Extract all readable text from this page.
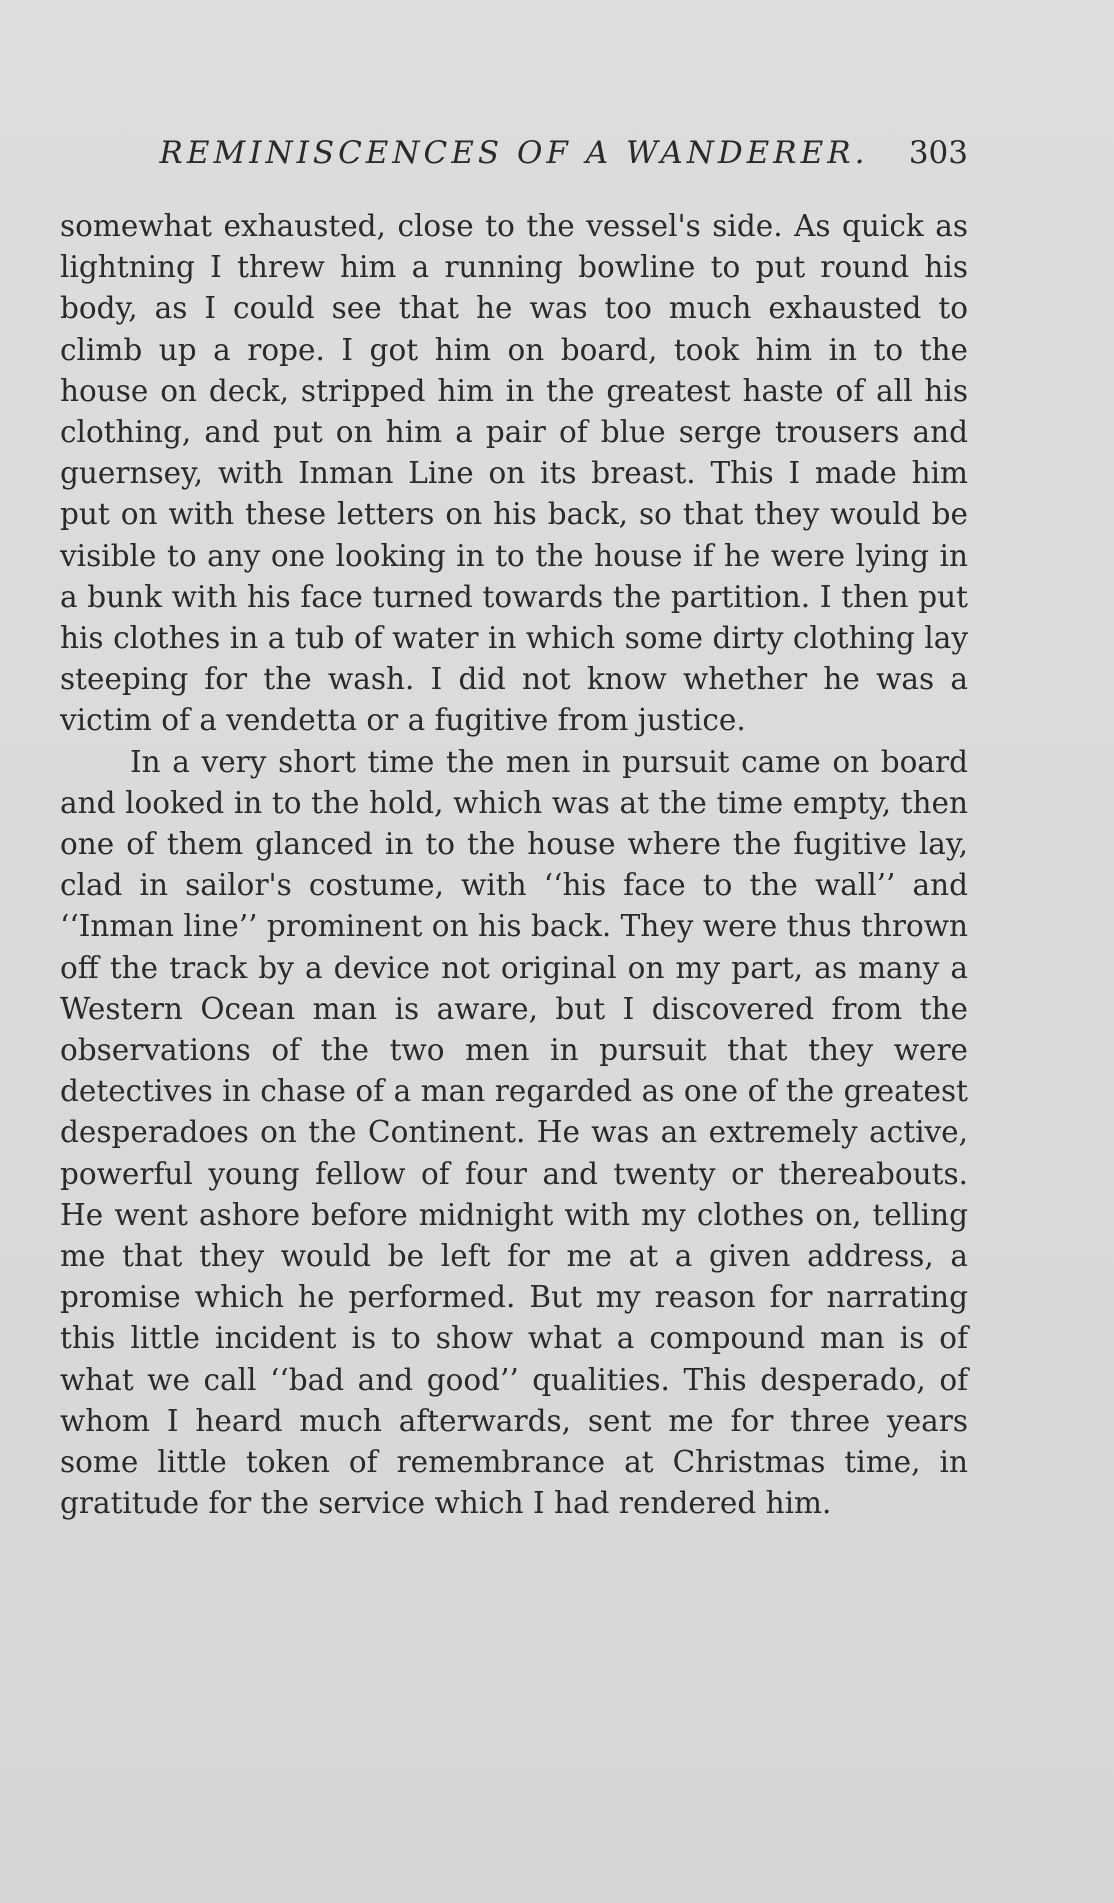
REMINISCENCES OF A WANDERER.	303

somewhat exhausted, close to the vessel's side. As quick as lightning I threw him a running bowline to put round his body, as I could see that he was too much exhausted to climb up a rope. I got him on board, took him in to the house on deck, stripped him in the greatest haste of all his clothing, and put on him a pair of blue serge trousers and guernsey, with Inman Line on its breast. This I made him put on with these letters on his back, so that they would be visible to any one looking in to the house if he were lying in a bunk with his face turned towards the partition. I then put his clothes in a tub of water in which some dirty clothing lay steeping for the wash. I did not know whether he was a victim of a vendetta or a fugitive from justice.

In a very short time the men in pursuit came on board and looked in to the hold, which was at the time empty, then one of them glanced in to the house where the fugitive lay, clad in sailor's costume, with ‘‘his face to the wall’’ and ‘‘Inman line’’ prominent on his back. They were thus thrown off the track by a device not original on my part, as many a Western Ocean man is aware, but I discovered from the observations of the two men in pursuit that they were detectives in chase of a man regarded as one of the greatest desperadoes on the Continent. He was an extremely active, powerful young fellow of four and twenty or thereabouts. He went ashore before midnight with my clothes on, telling me that they would be left for me at a given address, a promise which he performed. But my reason for narrating this little incident is to show what a compound man is of what we call ‘‘bad and good’’ qualities. This desperado, of whom I heard much afterwards, sent me for three years some little token of remembrance at Christmas time, in gratitude for the service which I had rendered him.
